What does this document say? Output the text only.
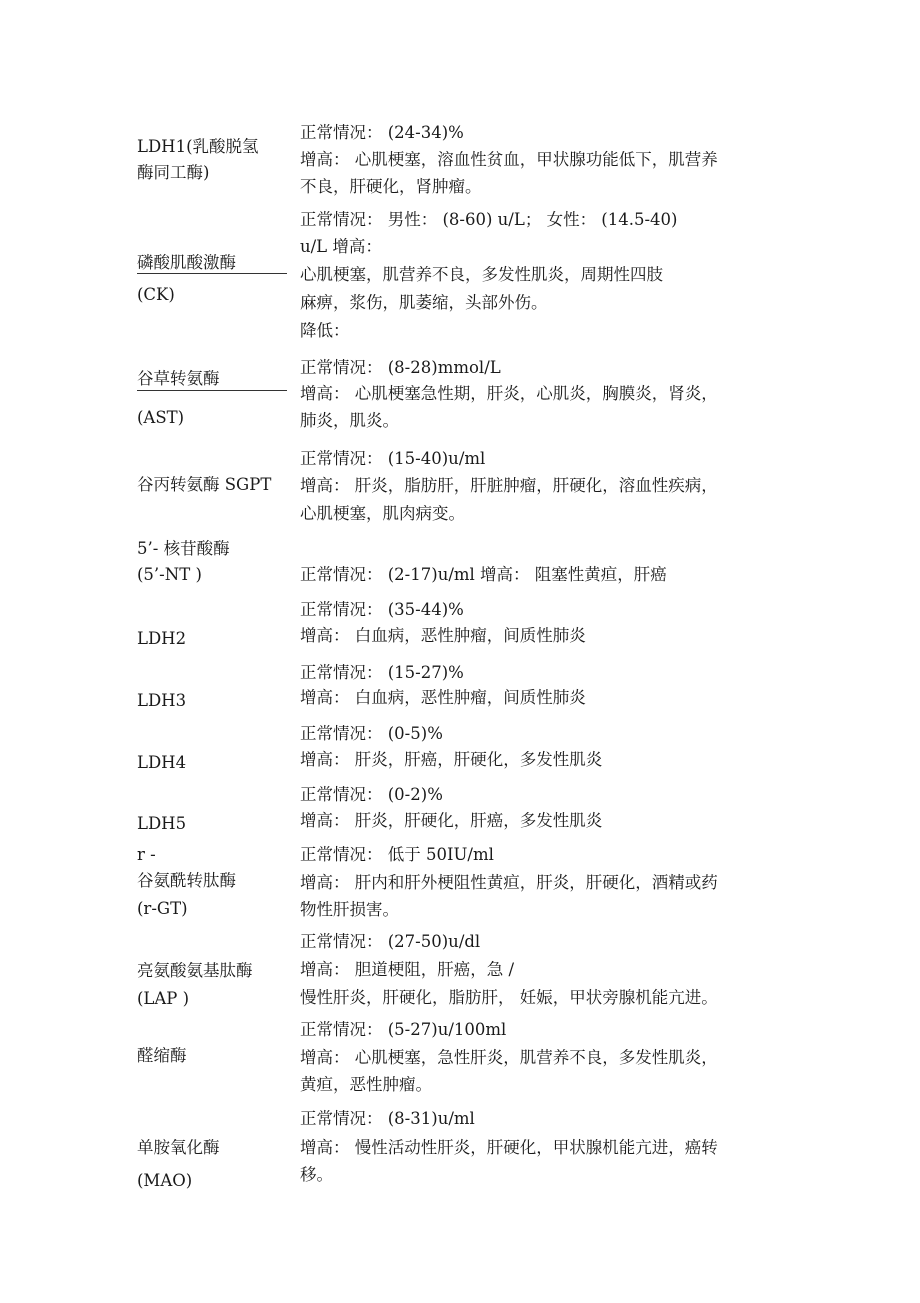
LDH1(乳酸脱氢
酶同工酶)
正常情况： (24-34)%
增高： 心肌梗塞，溶血性贫血，甲状腺功能低下，肌营养
不良，肝硬化，肾肿瘤。
磷酸肌酸激酶
(CK)
正常情况： 男性： (8-60) u/L； 女性： (14.5-40)
u/L 增高：
心肌梗塞，肌营养不良，多发性肌炎，周期性四肢
麻痹，浆伤，肌萎缩，头部外伤。
降低：
谷草转氨酶
(AST)
正常情况： (8-28)mmol/L
增高： 心肌梗塞急性期，肝炎，心肌炎，胸膜炎，肾炎，
肺炎，肌炎。
谷丙转氨酶 SGPT
正常情况： (15-40)u/ml
增高： 肝炎，脂肪肝，肝脏肿瘤，肝硬化，溶血性疾病，
心肌梗塞，肌肉病变。
5’- 核苷酸酶
(5’-NT )	正常情况： (2-17)u/ml 增高： 阻塞性黄疸，肝癌
LDH2
正常情况： (35-44)%
增高： 白血病，恶性肿瘤，间质性肺炎
LDH3
正常情况： (15-27)%
增高： 白血病，恶性肿瘤，间质性肺炎
LDH4
正常情况： (0-5)%
增高： 肝炎，肝癌，肝硬化，多发性肌炎
LDH5
正常情况： (0-2)%
增高： 肝炎，肝硬化，肝癌，多发性肌炎
r -
谷氨酰转肽酶
(r-GT)
正常情况： 低于 50IU/ml
增高： 肝内和肝外梗阻性黄疸，肝炎，肝硬化，酒精或药
物性肝损害。
亮氨酸氨基肽酶
(LAP )
正常情况： (27-50)u/dl
增高： 胆道梗阻，肝癌，急 /
慢性肝炎，肝硬化，脂肪肝， 妊娠，甲状旁腺机能亢进。
醛缩酶
正常情况： (5-27)u/100ml
增高： 心肌梗塞，急性肝炎，肌营养不良，多发性肌炎，
黄疸，恶性肿瘤。
单胺氧化酶
(MAO)
正常情况： (8-31)u/ml
增高： 慢性活动性肝炎，肝硬化，甲状腺机能亢进，癌转
移。
